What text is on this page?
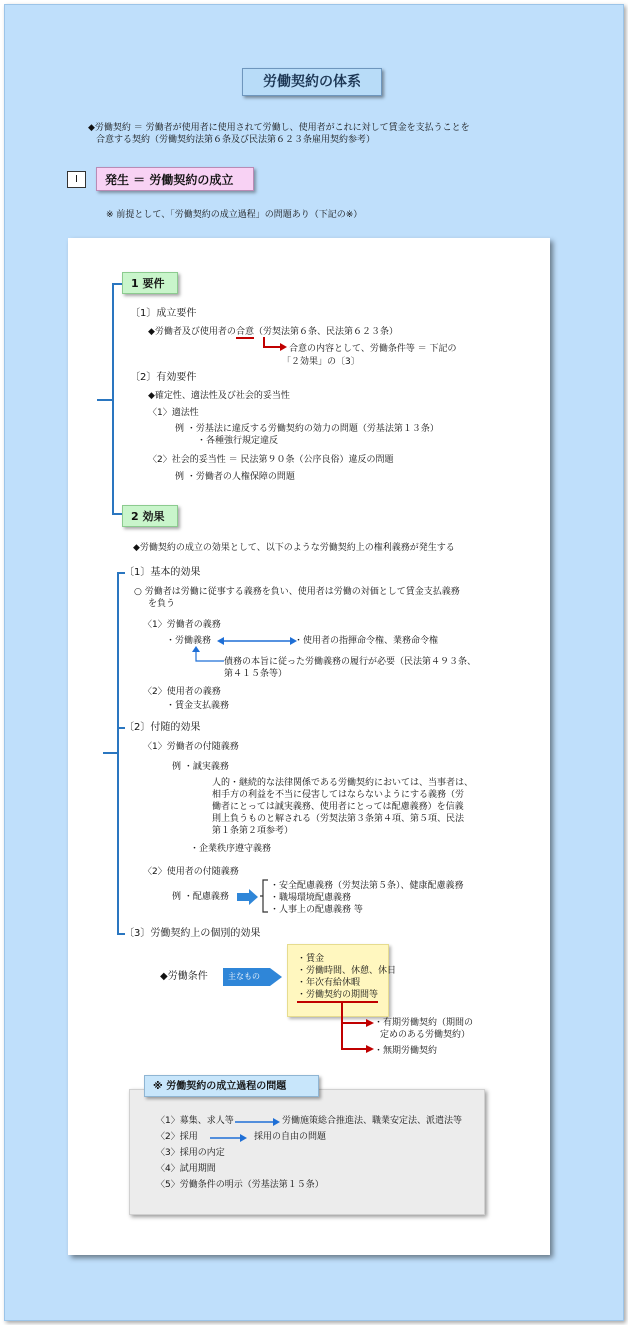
労働契約の体系
◆労働契約 ＝ 労働者が使用者に使用されて労働し、使用者がこれに対して賃金を支払うことを
合意する契約（労働契約法第６条及び民法第６２３条雇用契約参考）
Ⅰ	発生 ＝ 労働契約の成立
※ 前提として、「労働契約の成立過程」の問題あり（下記の※）
1 要件
〔1〕成立要件
◆労働者及び使用者の合意（労契法第６条、民法第６２３条）
合意の内容として、労働条件等 ＝ 下記の
「２効果」の〔3〕
〔2〕有効要件
◆確定性、適法性及び社会的妥当性
〈1〉適法性
例 ・労基法に違反する労働契約の効力の問題（労基法第１３条）
・各種強行規定違反
〈2〉社会的妥当性 ＝ 民法第９０条（公序良俗）違反の問題
例 ・労働者の人権保障の問題
2 効果
◆労働契約の成立の効果として、以下のような労働契約上の権利義務が発生する
〔1〕基本的効果
○ 労働者は労働に従事する義務を負い、使用者は労働の対価として賃金支払義務
を負う
〈1〉労働者の義務
・労働義務	・使用者の指揮命令権、業務命令権
債務の本旨に従った労働義務の履行が必要（民法第４９３条、
第４１５条等）
〈2〉使用者の義務
・賃金支払義務
〔2〕付随的効果
〈1〉労働者の付随義務
例 ・誠実義務
人的・継続的な法律関係である労働契約においては、当事者は、
相手方の利益を不当に侵害してはならないようにする義務（労
働者にとっては誠実義務、使用者にとっては配慮義務）を信義
則上負うものと解される（労契法第３条第４項、第５項、民法
第１条第２項参考）
・企業秩序遵守義務
〈2〉使用者の付随義務
例 ・配慮義務
・安全配慮義務（労契法第５条）、健康配慮義務
・職場環境配慮義務
・人事上の配慮義務 等
〔3〕労働契約上の個別的効果
◆労働条件	主なもの
・賃金
・労働時間、休憩、休日
・年次有給休暇
・労働契約の期間等
・有期労働契約（期間の
定めのある労働契約）
・無期労働契約
※ 労働契約の成立過程の問題
〈1〉募集、求人等	労働施策総合推進法、職業安定法、派遣法等
〈2〉採用	採用の自由の問題
〈3〉採用の内定
〈4〉試用期間
〈5〉労働条件の明示（労基法第１５条）
